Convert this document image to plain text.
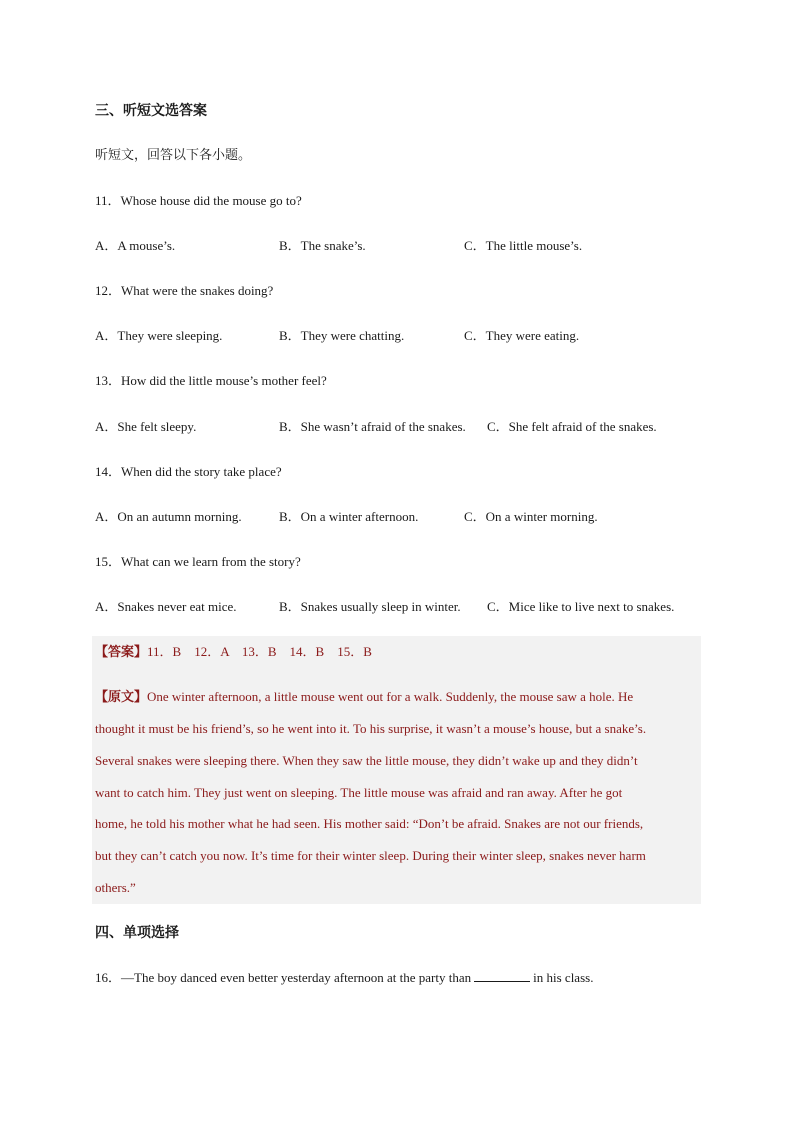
三、听短文选答案
听短文，回答以下各小题。
11．Whose house did the mouse go to?
A．A mouse’s.	B．The snake’s.	C．The little mouse’s.
12．What were the snakes doing?
A．They were sleeping.	B．They were chatting.	C．They were eating.
13．How did the little mouse’s mother feel?
A．She felt sleepy.	B．She wasn’t afraid of the snakes. C．She felt afraid of the snakes.
14．When did the story take place?
A．On an autumn morning.	B．On a winter afternoon.	C．On a winter morning.
15．What can we learn from the story?
A．Snakes never eat mice.	B．Snakes usually sleep in winter. C．Mice like to live next to snakes.
【答案】11．B　12．A　13．B　14．B　15．B
【原文】One winter afternoon, a little mouse went out for a walk. Suddenly, the mouse saw a hole. He
thought it must be his friend’s, so he went into it. To his surprise, it wasn’t a mouse’s house, but a snake’s.
Several snakes were sleeping there. When they saw the little mouse, they didn’t wake up and they didn’t
want to catch him. They just went on sleeping. The little mouse was afraid and ran away. After he got
home, he told his mother what he had seen. His mother said: “Don’t be afraid. Snakes are not our friends,
but they can’t catch you now. It’s time for their winter sleep. During their winter sleep, snakes never harm
others.”
四、单项选择
16．—The boy danced even better yesterday afternoon at the party than	in his class.
